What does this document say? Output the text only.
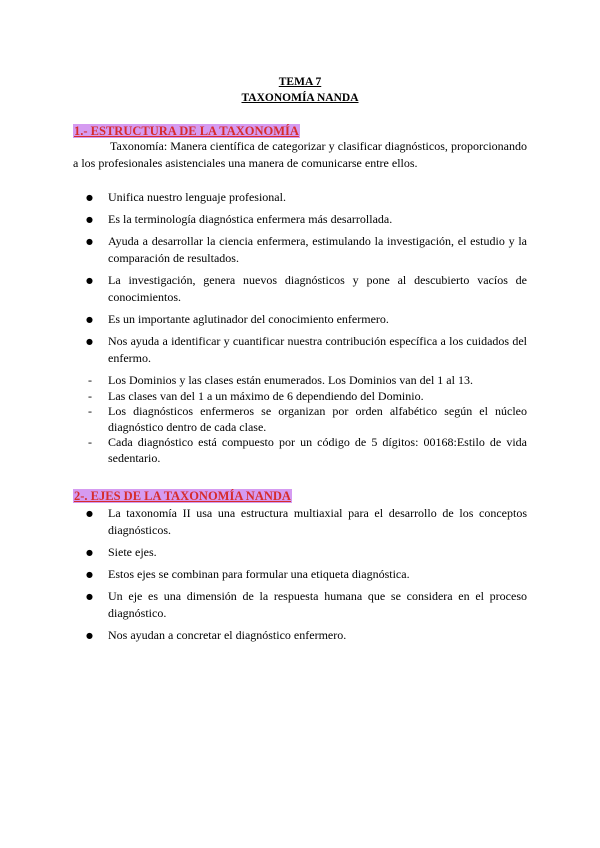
TEMA 7
TAXONOMÍA NANDA
1.- ESTRUCTURA DE LA TAXONOMÍA

Taxonomía: Manera científica de categorizar y clasificar diagnósticos, proporcionando a los profesionales asistenciales una manera de comunicarse entre ellos.

● Unifica nuestro lenguaje profesional.
● Es la terminología diagnóstica enfermera más desarrollada.
● Ayuda a desarrollar la ciencia enfermera, estimulando la investigación, el estudio y la comparación de resultados.
● La investigación, genera nuevos diagnósticos y pone al descubierto vacíos de conocimientos.
● Es un importante aglutinador del conocimiento enfermero.
● Nos ayuda a identificar y cuantificar nuestra contribución específica a los cuidados del enfermo.
- Los Dominios y las clases están enumerados. Los Dominios van del 1 al 13.
- Las clases van del 1 a un máximo de 6 dependiendo del Dominio.
- Los diagnósticos enfermeros se organizan por orden alfabético según el núcleo diagnóstico dentro de cada clase.
- Cada diagnóstico está compuesto por un código de 5 dígitos: 00168:Estilo de vida sedentario.
2-. EJES DE LA TAXONOMÍA NANDA
● La taxonomía II usa una estructura multiaxial para el desarrollo de los conceptos diagnósticos.
● Siete ejes.
● Estos ejes se combinan para formular una etiqueta diagnóstica.
● Un eje es una dimensión de la respuesta humana que se considera en el proceso diagnóstico.
● Nos ayudan a concretar el diagnóstico enfermero.
